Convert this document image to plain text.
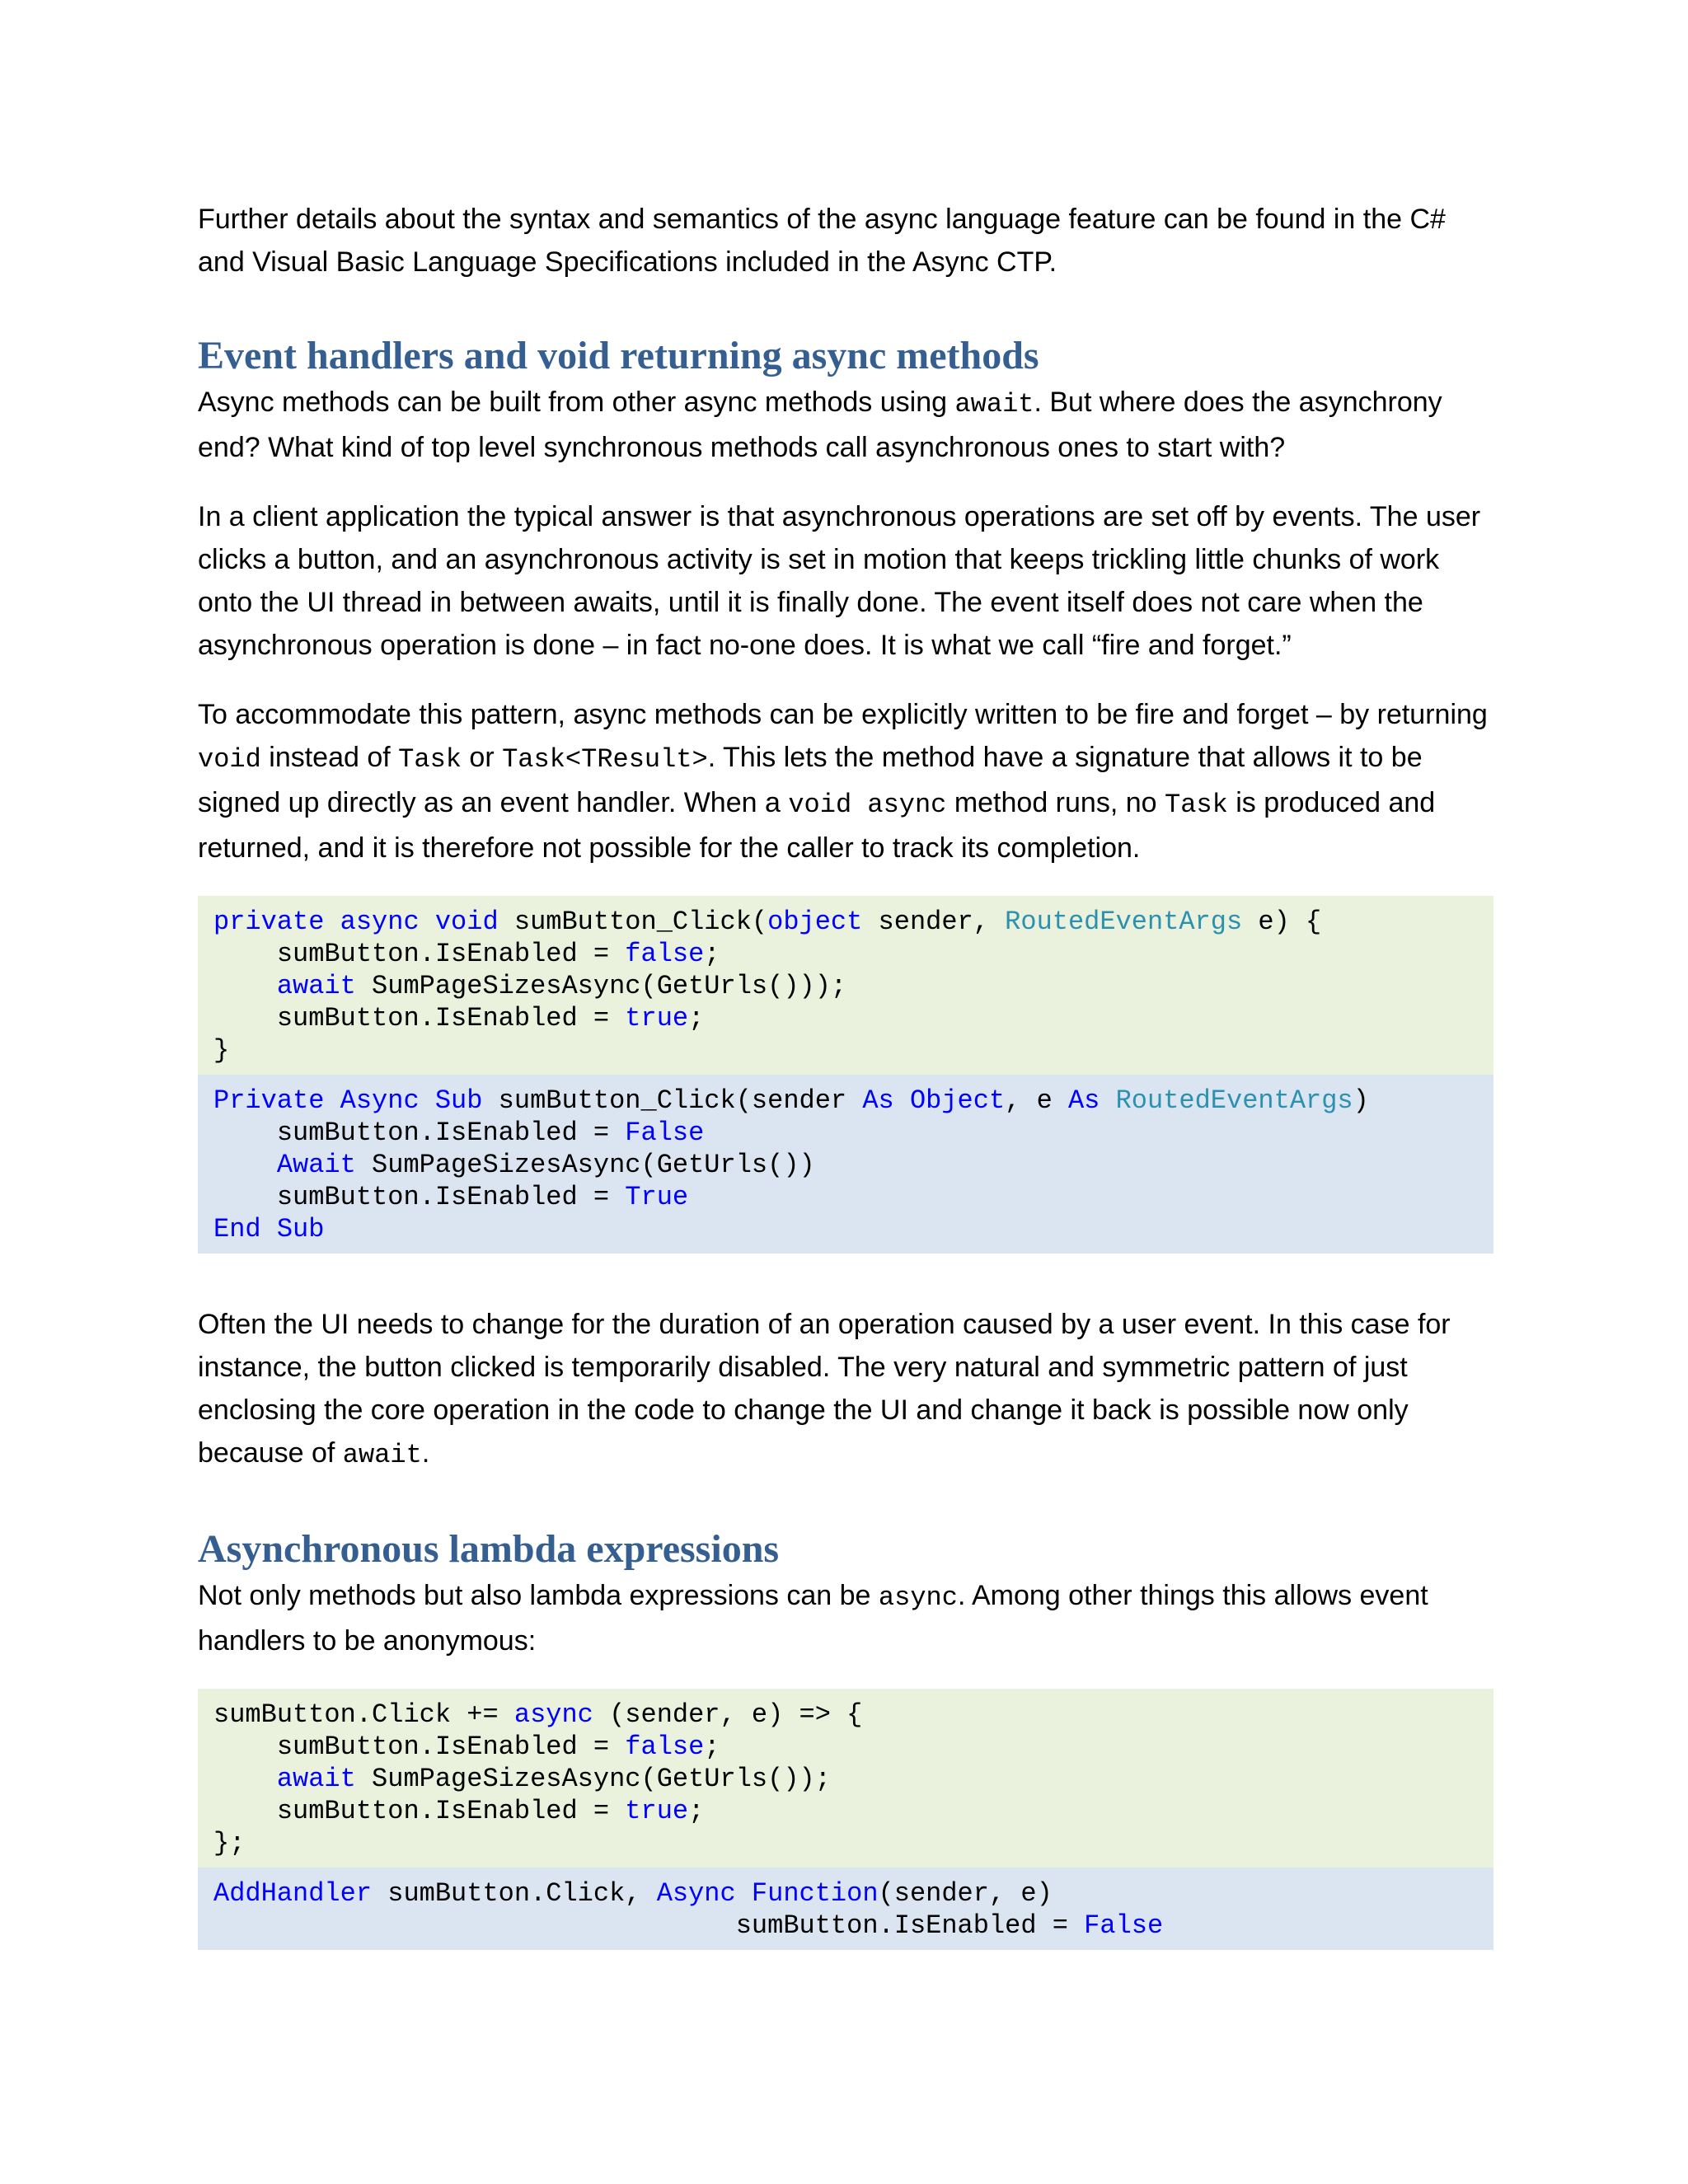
Further details about the syntax and semantics of the async language feature can be found in the C# and Visual Basic Language Specifications included in the Async CTP.

Event handlers and void returning async methods

Async methods can be built from other async methods using await. But where does the asynchrony end? What kind of top level synchronous methods call asynchronous ones to start with?

In a client application the typical answer is that asynchronous operations are set off by events. The user clicks a button, and an asynchronous activity is set in motion that keeps trickling little chunks of work onto the UI thread in between awaits, until it is finally done. The event itself does not care when the asynchronous operation is done – in fact no-one does. It is what we call “fire and forget.”

To accommodate this pattern, async methods can be explicitly written to be fire and forget – by returning void instead of Task or Task<TResult>. This lets the method have a signature that allows it to be signed up directly as an event handler. When a void async method runs, no Task is produced and returned, and it is therefore not possible for the caller to track its completion.

private async void sumButton_Click(object sender, RoutedEventArgs e) {
sumButton.IsEnabled = false;
await SumPageSizesAsync(GetUrls()));
sumButton.IsEnabled = true;
}
Private Async Sub sumButton_Click(sender As Object, e As RoutedEventArgs)
sumButton.IsEnabled = False
Await SumPageSizesAsync(GetUrls())
sumButton.IsEnabled = True
End Sub

Often the UI needs to change for the duration of an operation caused by a user event. In this case for instance, the button clicked is temporarily disabled. The very natural and symmetric pattern of just enclosing the core operation in the code to change the UI and change it back is possible now only because of await.

Asynchronous lambda expressions

Not only methods but also lambda expressions can be async. Among other things this allows event handlers to be anonymous:

sumButton.Click += async (sender, e) => {
sumButton.IsEnabled = false;
await SumPageSizesAsync(GetUrls());
sumButton.IsEnabled = true;
};
AddHandler sumButton.Click, Async Function(sender, e)
sumButton.IsEnabled = False
